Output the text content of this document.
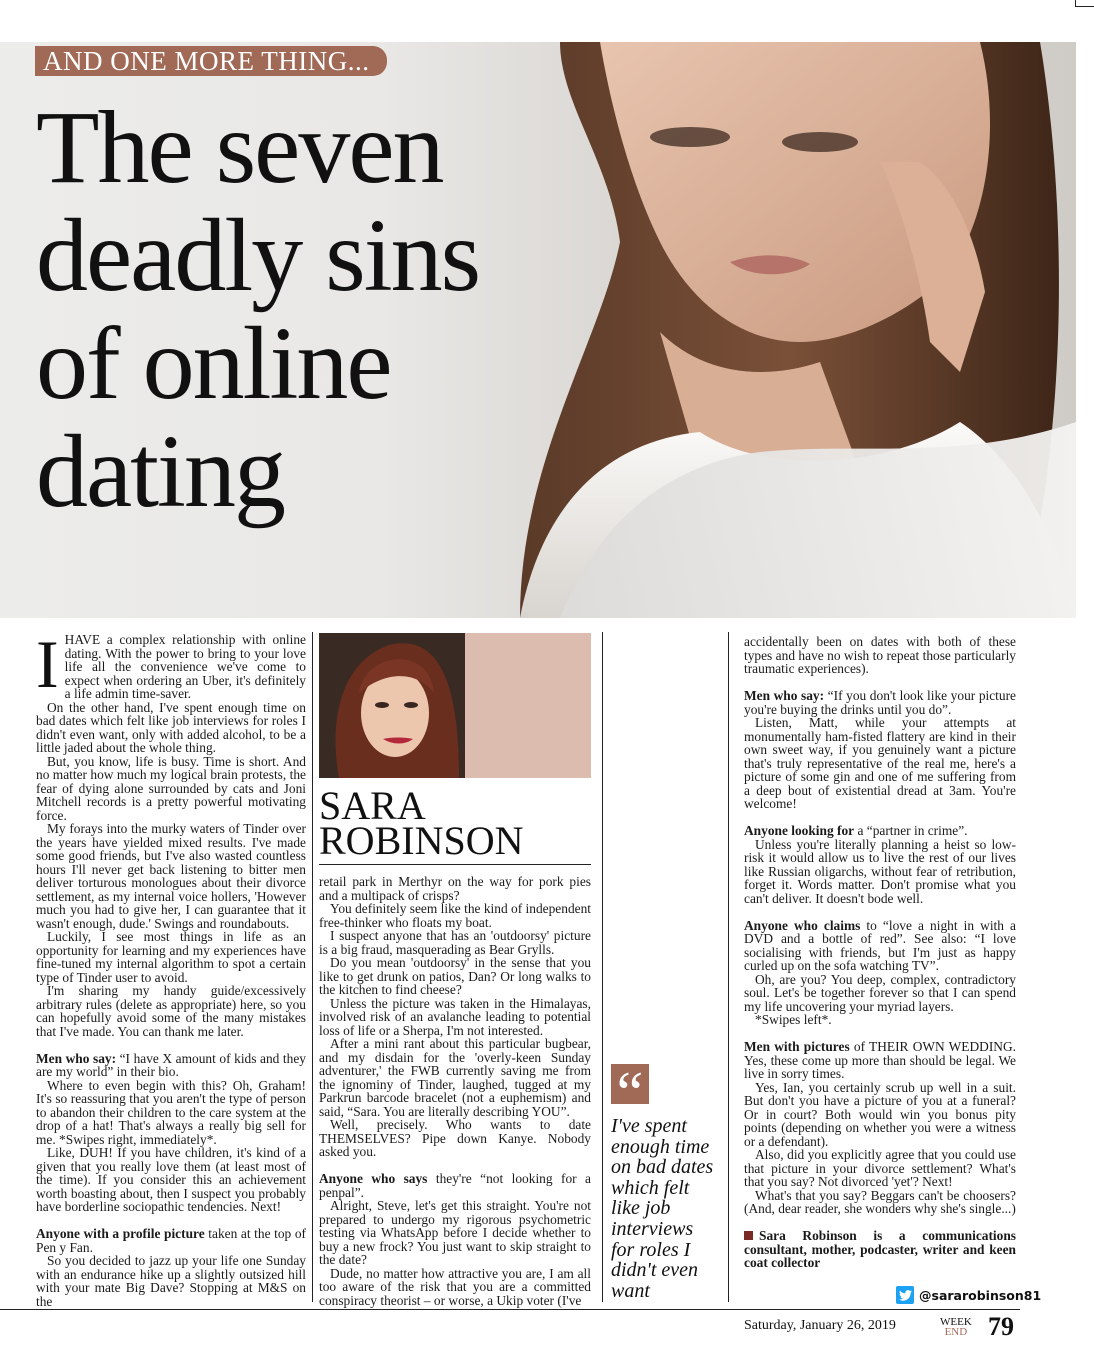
AND ONE MORE THING...
The seven
deadly sins
of online
dating
I HAVE a complex relationship with online dating. With the power to bring to your love life all the convenience we've come to expect when ordering an Uber, it's definitely a life admin time-saver.

On the other hand, I've spent enough time on bad dates which felt like job interviews for roles I didn't even want, only with added alcohol, to be a little jaded about the whole thing.

But, you know, life is busy. Time is short. And no matter how much my logical brain protests, the fear of dying alone surrounded by cats and Joni Mitchell records is a pretty powerful motivating force.

My forays into the murky waters of Tinder over the years have yielded mixed results. I've made some good friends, but I've also wasted countless hours I'll never get back listening to bitter men deliver torturous monologues about their divorce settlement, as my internal voice hollers, 'However much you had to give her, I can guarantee that it wasn't enough, dude.' Swings and roundabouts.

Luckily, I see most things in life as an opportunity for learning and my experiences have fine-tuned my internal algorithm to spot a certain type of Tinder user to avoid.

I'm sharing my handy guide/excessively arbitrary rules (delete as appropriate) here, so you can hopefully avoid some of the many mistakes that I've made. You can thank me later.

Men who say: “I have X amount of kids and they are my world” in their bio.

Where to even begin with this? Oh, Graham! It's so reassuring that you aren't the type of person to abandon their children to the care system at the drop of a hat! That's always a really big sell for me. *Swipes right, immediately*.

Like, DUH! If you have children, it's kind of a given that you really love them (at least most of the time). If you consider this an achievement worth boasting about, then I suspect you probably have borderline sociopathic tendencies. Next!

Anyone with a profile picture taken at the top of Pen y Fan.

So you decided to jazz up your life one Sunday with an endurance hike up a slightly outsized hill with your mate Big Dave? Stopping at M&S on the

SARA
ROBINSON

retail park in Merthyr on the way for pork pies and a multipack of crisps?

You definitely seem like the kind of independent free-thinker who floats my boat.

I suspect anyone that has an 'outdoorsy' picture is a big fraud, masquerading as Bear Grylls.

Do you mean 'outdoorsy' in the sense that you like to get drunk on patios, Dan? Or long walks to the kitchen to find cheese?

Unless the picture was taken in the Himalayas, involved risk of an avalanche leading to potential loss of life or a Sherpa, I'm not interested.

After a mini rant about this particular bugbear, and my disdain for the 'overly-keen Sunday adventurer,' the FWB currently saving me from the ignominy of Tinder, laughed, tugged at my Parkrun barcode bracelet (not a euphemism) and said, “Sara. You are literally describing YOU”.

Well, precisely. Who wants to date THEMSELVES? Pipe down Kanye. Nobody asked you.

Anyone who says they're “not looking for a penpal”.

Alright, Steve, let's get this straight. You're not prepared to undergo my rigorous psychometric testing via WhatsApp before I decide whether to buy a new frock? You just want to skip straight to the date?

Dude, no matter how attractive you are, I am all too aware of the risk that you are a committed conspiracy theorist – or worse, a Ukip voter (I've

“

I've spent enough time on bad dates which felt like job interviews for roles I didn't even want

accidentally been on dates with both of these types and have no wish to repeat those particularly traumatic experiences).

Men who say: “If you don't look like your picture you're buying the drinks until you do”.

Listen, Matt, while your attempts at monumentally ham-fisted flattery are kind in their own sweet way, if you genuinely want a picture that's truly representative of the real me, here's a picture of some gin and one of me suffering from a deep bout of existential dread at 3am. You're welcome!

Anyone looking for a “partner in crime”.

Unless you're literally planning a heist so low-risk it would allow us to live the rest of our lives like Russian oligarchs, without fear of retribution, forget it. Words matter. Don't promise what you can't deliver. It doesn't bode well.

Anyone who claims to “love a night in with a DVD and a bottle of red”. See also: “I love socialising with friends, but I'm just as happy curled up on the sofa watching TV”.

Oh, are you? You deep, complex, contradictory soul. Let's be together forever so that I can spend my life uncovering your myriad layers.

*Swipes left*.

Men with pictures of THEIR OWN WEDDING. Yes, these come up more than should be legal. We live in sorry times.

Yes, Ian, you certainly scrub up well in a suit. But don't you have a picture of you at a funeral? Or in court? Both would win you bonus pity points (depending on whether you were a witness or a defendant).

Also, did you explicitly agree that you could use that picture in your divorce settlement? What's that you say? Not divorced 'yet'? Next!

What's that you say? Beggars can't be choosers? (And, dear reader, she wonders why she's single...)

Sara Robinson is a communications consultant, mother, podcaster, writer and keen coat collector

@sararobinson81
Saturday, January 26, 2019	WEEK
END 79
